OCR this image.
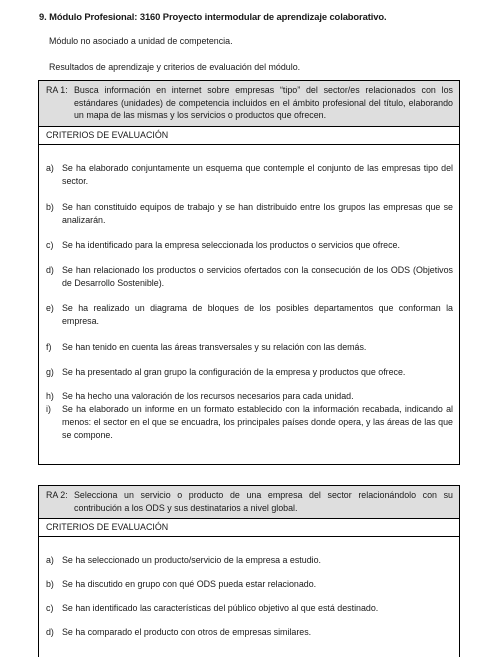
9. Módulo Profesional: 3160 Proyecto intermodular de aprendizaje colaborativo.
Módulo no asociado a unidad de competencia.
Resultados de aprendizaje y criterios de evaluación del módulo.
RA 1: Busca información en internet sobre empresas “tipo” del sector/es relacionados con los estándares (unidades) de competencia incluidos en el ámbito profesional del título, elaborando un mapa de las mismas y los servicios o productos que ofrecen.
CRITERIOS DE EVALUACIÓN
a) Se ha elaborado conjuntamente un esquema que contemple el conjunto de las empresas tipo del sector.
b) Se han constituido equipos de trabajo y se han distribuido entre los grupos las empresas que se analizarán.
c) Se ha identificado para la empresa seleccionada los productos o servicios que ofrece.
d) Se han relacionado los productos o servicios ofertados con la consecución de los ODS (Objetivos de Desarrollo Sostenible).
e) Se ha realizado un diagrama de bloques de los posibles departamentos que conforman la empresa.
f) Se han tenido en cuenta las áreas transversales y su relación con las demás.
g) Se ha presentado al gran grupo la configuración de la empresa y productos que ofrece.
h) Se ha hecho una valoración de los recursos necesarios para cada unidad.
i) Se ha elaborado un informe en un formato establecido con la información recabada, indicando al menos: el sector en el que se encuadra, los principales países donde opera, y las áreas de las que se compone.
RA 2: Selecciona un servicio o producto de una empresa del sector relacionándolo con su contribución a los ODS y sus destinatarios a nivel global.
CRITERIOS DE EVALUACIÓN
a) Se ha seleccionado un producto/servicio de la empresa a estudio.
b) Se ha discutido en grupo con qué ODS pueda estar relacionado.
c) Se han identificado las características del público objetivo al que está destinado.
d) Se ha comparado el producto con otros de empresas similares.
